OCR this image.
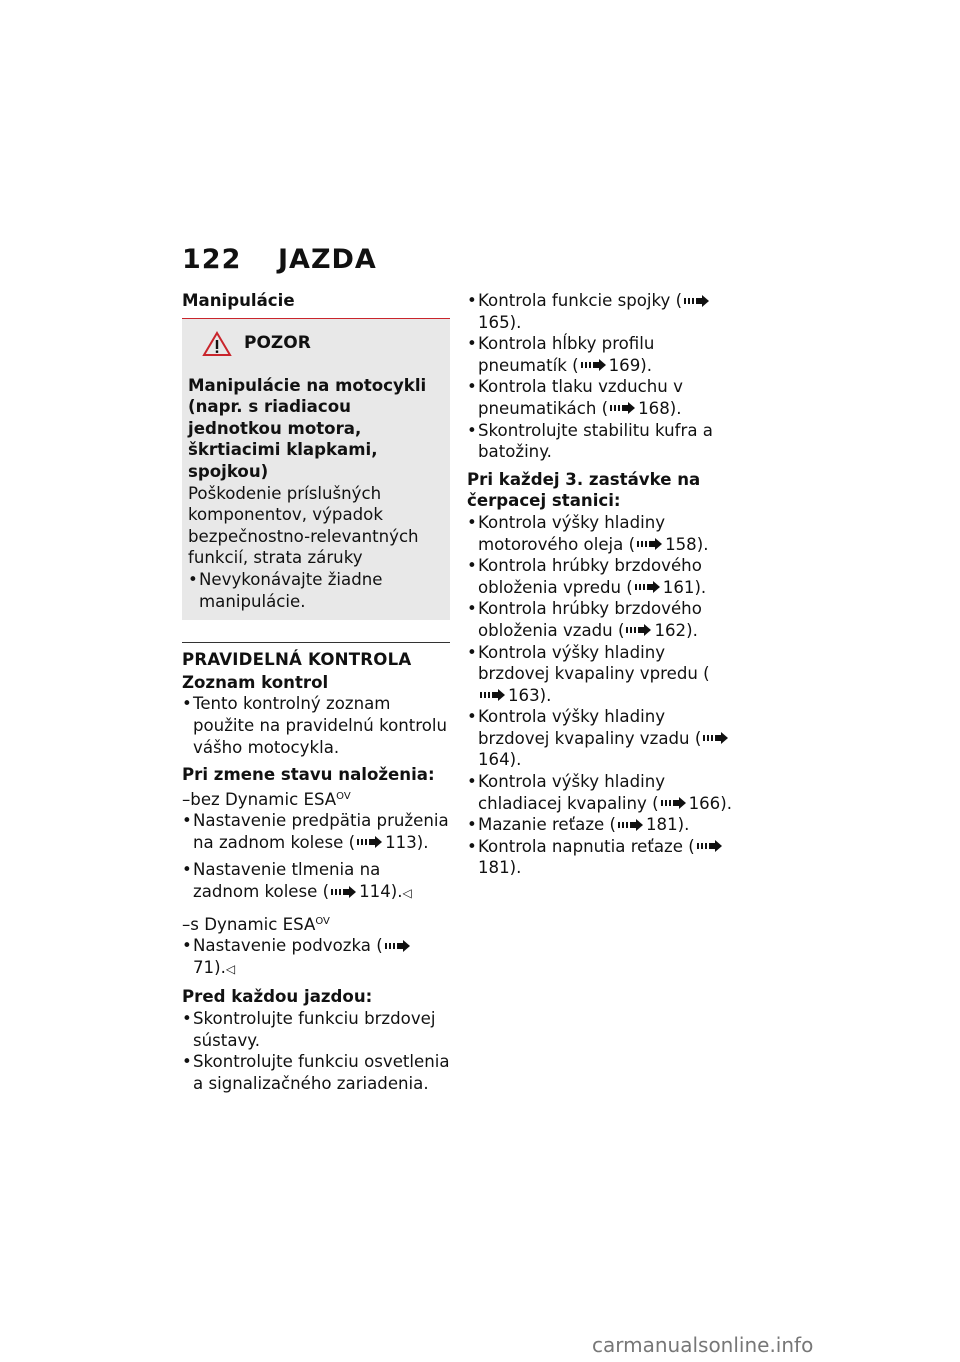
122 JAZDA
Manipulácie
POZOR
Manipulácie na motocykli (napr. s riadiacou jednotkou motora, škrtiacimi klapkami, spojkou)
Poškodenie príslušných komponentov, výpadok bezpečnostno-relevantných funkcií, strata záruky
• Nevykonávajte žiadne manipulácie.
PRAVIDELNÁ KONTROLA
Zoznam kontrol
• Tento kontrolný zoznam použite na pravidelnú kontrolu vášho motocykla.
Pri zmene stavu naloženia:
–bez Dynamic $ESA^{OV}$
• Nastavenie predpätia pruženia na zadnom kolese ( 113).
• Nastavenie tlmenia na zadnom kolese ( 114).◁
–s Dynamic $ESA^{OV}$
• Nastavenie podvozka (71).◁
Pred každou jazdou:
• Skontrolujte funkciu brzdovej sústavy.
• Skontrolujte funkciu osvetlenia a signalizačného zariadenia.
• Kontrola funkcie spojky (165).
• Kontrola hĺbky profilu pneumatík ( 169).
• Kontrola tlaku vzduchu v pneumatikách ( 168).
• Skontrolujte stabilitu kufra a batožiny.
Pri každej 3. zastávke na čerpacej stanici:
• Kontrola výšky hladiny motorového oleja ( 158).
• Kontrola hrúbky brzdového obloženia vpredu ( 161).
• Kontrola hrúbky brzdového obloženia vzadu ( 162).
• Kontrola výšky hladiny brzdovej kvapaliny vpredu (163).
• Kontrola výšky hladiny brzdovej kvapaliny vzadu (164).
• Kontrola výšky hladiny chladiacej kvapaliny ( 166).
• Mazanie reťaze ( 181).
• Kontrola napnutia reťaze (181).
carmanualsonline.info
